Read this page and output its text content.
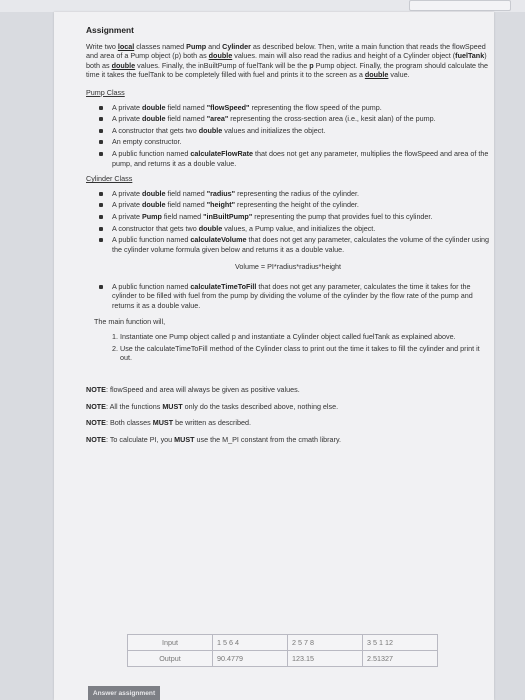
Assignment

Write two local classes named Pump and Cylinder as described below. Then, write a main function that reads the flowSpeed and area of a Pump object (p) both as double values. main will also read the radius and height of a Cylinder object (fuelTank) both as double values. Finally, the inBuiltPump of fuelTank will be the p Pump object. Finally, the program should calculate the time it takes the fuelTank to be completely filled with fuel and prints it to the screen as a double value.

Pump Class
A private double field named "flowSpeed" representing the flow speed of the pump.
A private double field named "area" representing the cross-section area (i.e., kesit alan) of the pump.
A constructor that gets two double values and initializes the object.
An empty constructor.
A public function named calculateFlowRate that does not get any parameter, multiplies the flowSpeed and area of the pump, and returns it as a double value.
Cylinder Class
A private double field named "radius" representing the radius of the cylinder.
A private double field named "height" representing the height of the cylinder.
A private Pump field named "inBuiltPump" representing the pump that provides fuel to this cylinder.
A constructor that gets two double values, a Pump value, and initializes the object.
A public function named calculateVolume that does not get any parameter, calculates the volume of the cylinder using the cylinder volume formula given below and returns it as a double value.
Volume = PI*radius*radius*height
A public function named calculateTimeToFill that does not get any parameter, calculates the time it takes for the cylinder to be filled with fuel from the pump by dividing the volume of the cylinder by the flow rate of the pump and returns it as a double value.
The main function will,
1. Instantiate one Pump object called p and instantiate a Cylinder object called fuelTank as explained above.
2. Use the calculateTimeToFill method of the Cylinder class to print out the time it takes to fill the cylinder and print it out.

NOTE: flowSpeed and area will always be given as positive values.

NOTE: All the functions MUST only do the tasks described above, nothing else.

NOTE: Both classes MUST be written as described.

NOTE: To calculate PI, you MUST use the M_PI constant from the cmath library.

Input	1 5 6 4	2 5 7 8	3 5 1 12
Output	90.4779	123.15	2.51327
Answer assignment
